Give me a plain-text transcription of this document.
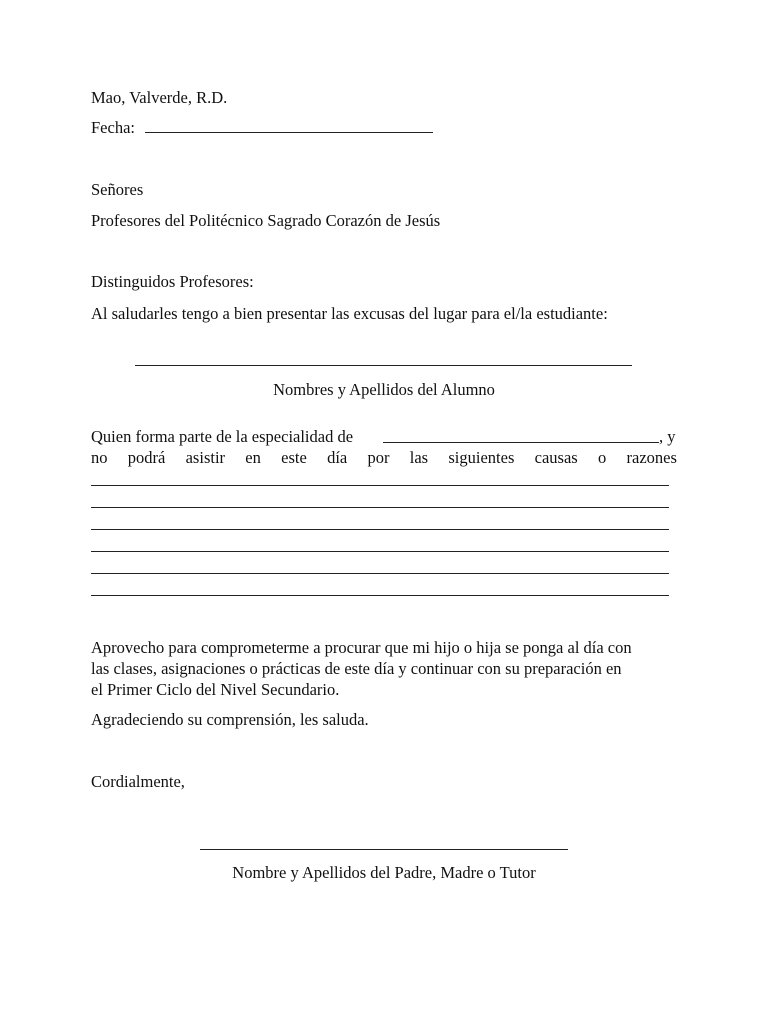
Mao, Valverde, R.D.
Fecha:
Señores
Profesores del Politécnico Sagrado Corazón de Jesús
Distinguidos Profesores:
Al saludarles tengo a bien presentar las excusas del lugar para el/la estudiante:
Nombres y Apellidos del Alumno
Quien forma parte de la especialidad de	, y
no podrá asistir en este día por las siguientes causas o razones
Aprovecho para comprometerme a procurar que mi hijo o hija se ponga al día con
las clases, asignaciones o prácticas de este día y continuar con su preparación en
el Primer Ciclo del Nivel Secundario.
Agradeciendo su comprensión, les saluda.
Cordialmente,
Nombre y Apellidos del Padre, Madre o Tutor
